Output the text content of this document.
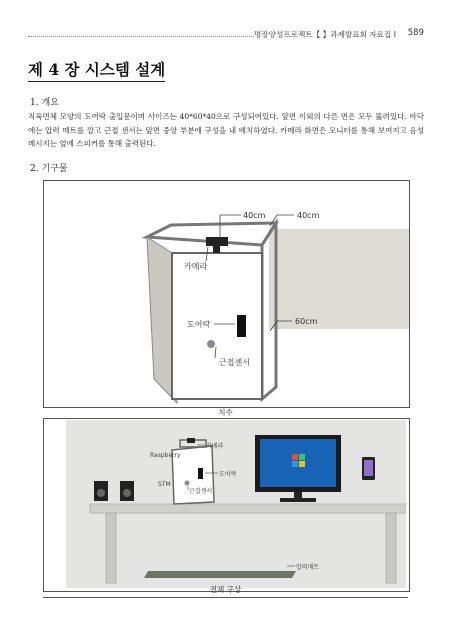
명장양성프로젝트【 】과제발표회 자료집 I 589
제 4 장 시스템 설계
1. 개요
직육면체 모양의 도어락 출입문이며 사이즈는 40*60*40으로 구성되어있다. 앞면 이외의 다른 면은 모두 뚫려있다. 바닥에는 압력 매트를 깔고 근접 센서는 앞면 중앙 부분에 구성을 내 배치하였다. 카메라 화면은 모니터를 통해 보여지고 음성 메시지는 옆에 스피커를 통해 출력된다.
2. 기구물
40cm	40cm
60cm
카메라
도어락
근접센서
치수
카메라
Raspberry
도어락
STM
근접센서
압력매트
전체 구상
